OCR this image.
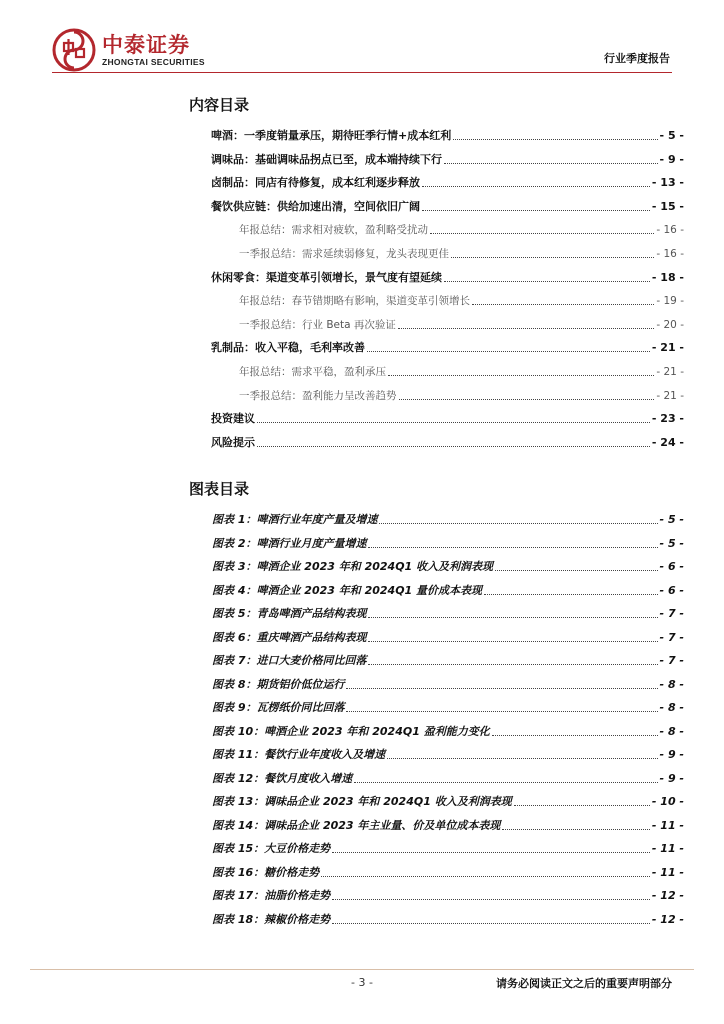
中泰证券
ZHONGTAI SECURITIES	行业季度报告
内容目录
啤酒：一季度销量承压，期待旺季行情+成本红利	- 5 -
调味品：基础调味品拐点已至，成本端持续下行	- 9 -
卤制品：同店有待修复，成本红利逐步释放	- 13 -
餐饮供应链：供给加速出清，空间依旧广阔	- 15 -
年报总结：需求相对疲软，盈利略受扰动	- 16 -
一季报总结：需求延续弱修复，龙头表现更佳	- 16 -
休闲零食：渠道变革引领增长，景气度有望延续	- 18 -
年报总结：春节错期略有影响，渠道变革引领增长	- 19 -
一季报总结：行业 Beta 再次验证	- 20 -
乳制品：收入平稳，毛利率改善	- 21 -
年报总结：需求平稳，盈利承压	- 21 -
一季报总结：盈利能力呈改善趋势	- 21 -
投资建议	- 23 -
风险提示	- 24 -
图表目录
图表 1：啤酒行业年度产量及增速	- 5 -
图表 2：啤酒行业月度产量增速	- 5 -
图表 3：啤酒企业 2023 年和 2024Q1 收入及利润表现	- 6 -
图表 4：啤酒企业 2023 年和 2024Q1 量价成本表现	- 6 -
图表 5：青岛啤酒产品结构表现	- 7 -
图表 6：重庆啤酒产品结构表现	- 7 -
图表 7：进口大麦价格同比回落	- 7 -
图表 8：期货铝价低位运行	- 8 -
图表 9：瓦楞纸价同比回落	- 8 -
图表 10：啤酒企业 2023 年和 2024Q1 盈利能力变化	- 8 -
图表 11：餐饮行业年度收入及增速	- 9 -
图表 12：餐饮月度收入增速	- 9 -
图表 13：调味品企业 2023 年和 2024Q1 收入及利润表现	- 10 -
图表 14：调味品企业 2023 年主业量、价及单位成本表现	- 11 -
图表 15：大豆价格走势	- 11 -
图表 16：糖价格走势	- 11 -
图表 17：油脂价格走势	- 12 -
图表 18：辣椒价格走势	- 12 -
- 3 -	请务必阅读正文之后的重要声明部分
